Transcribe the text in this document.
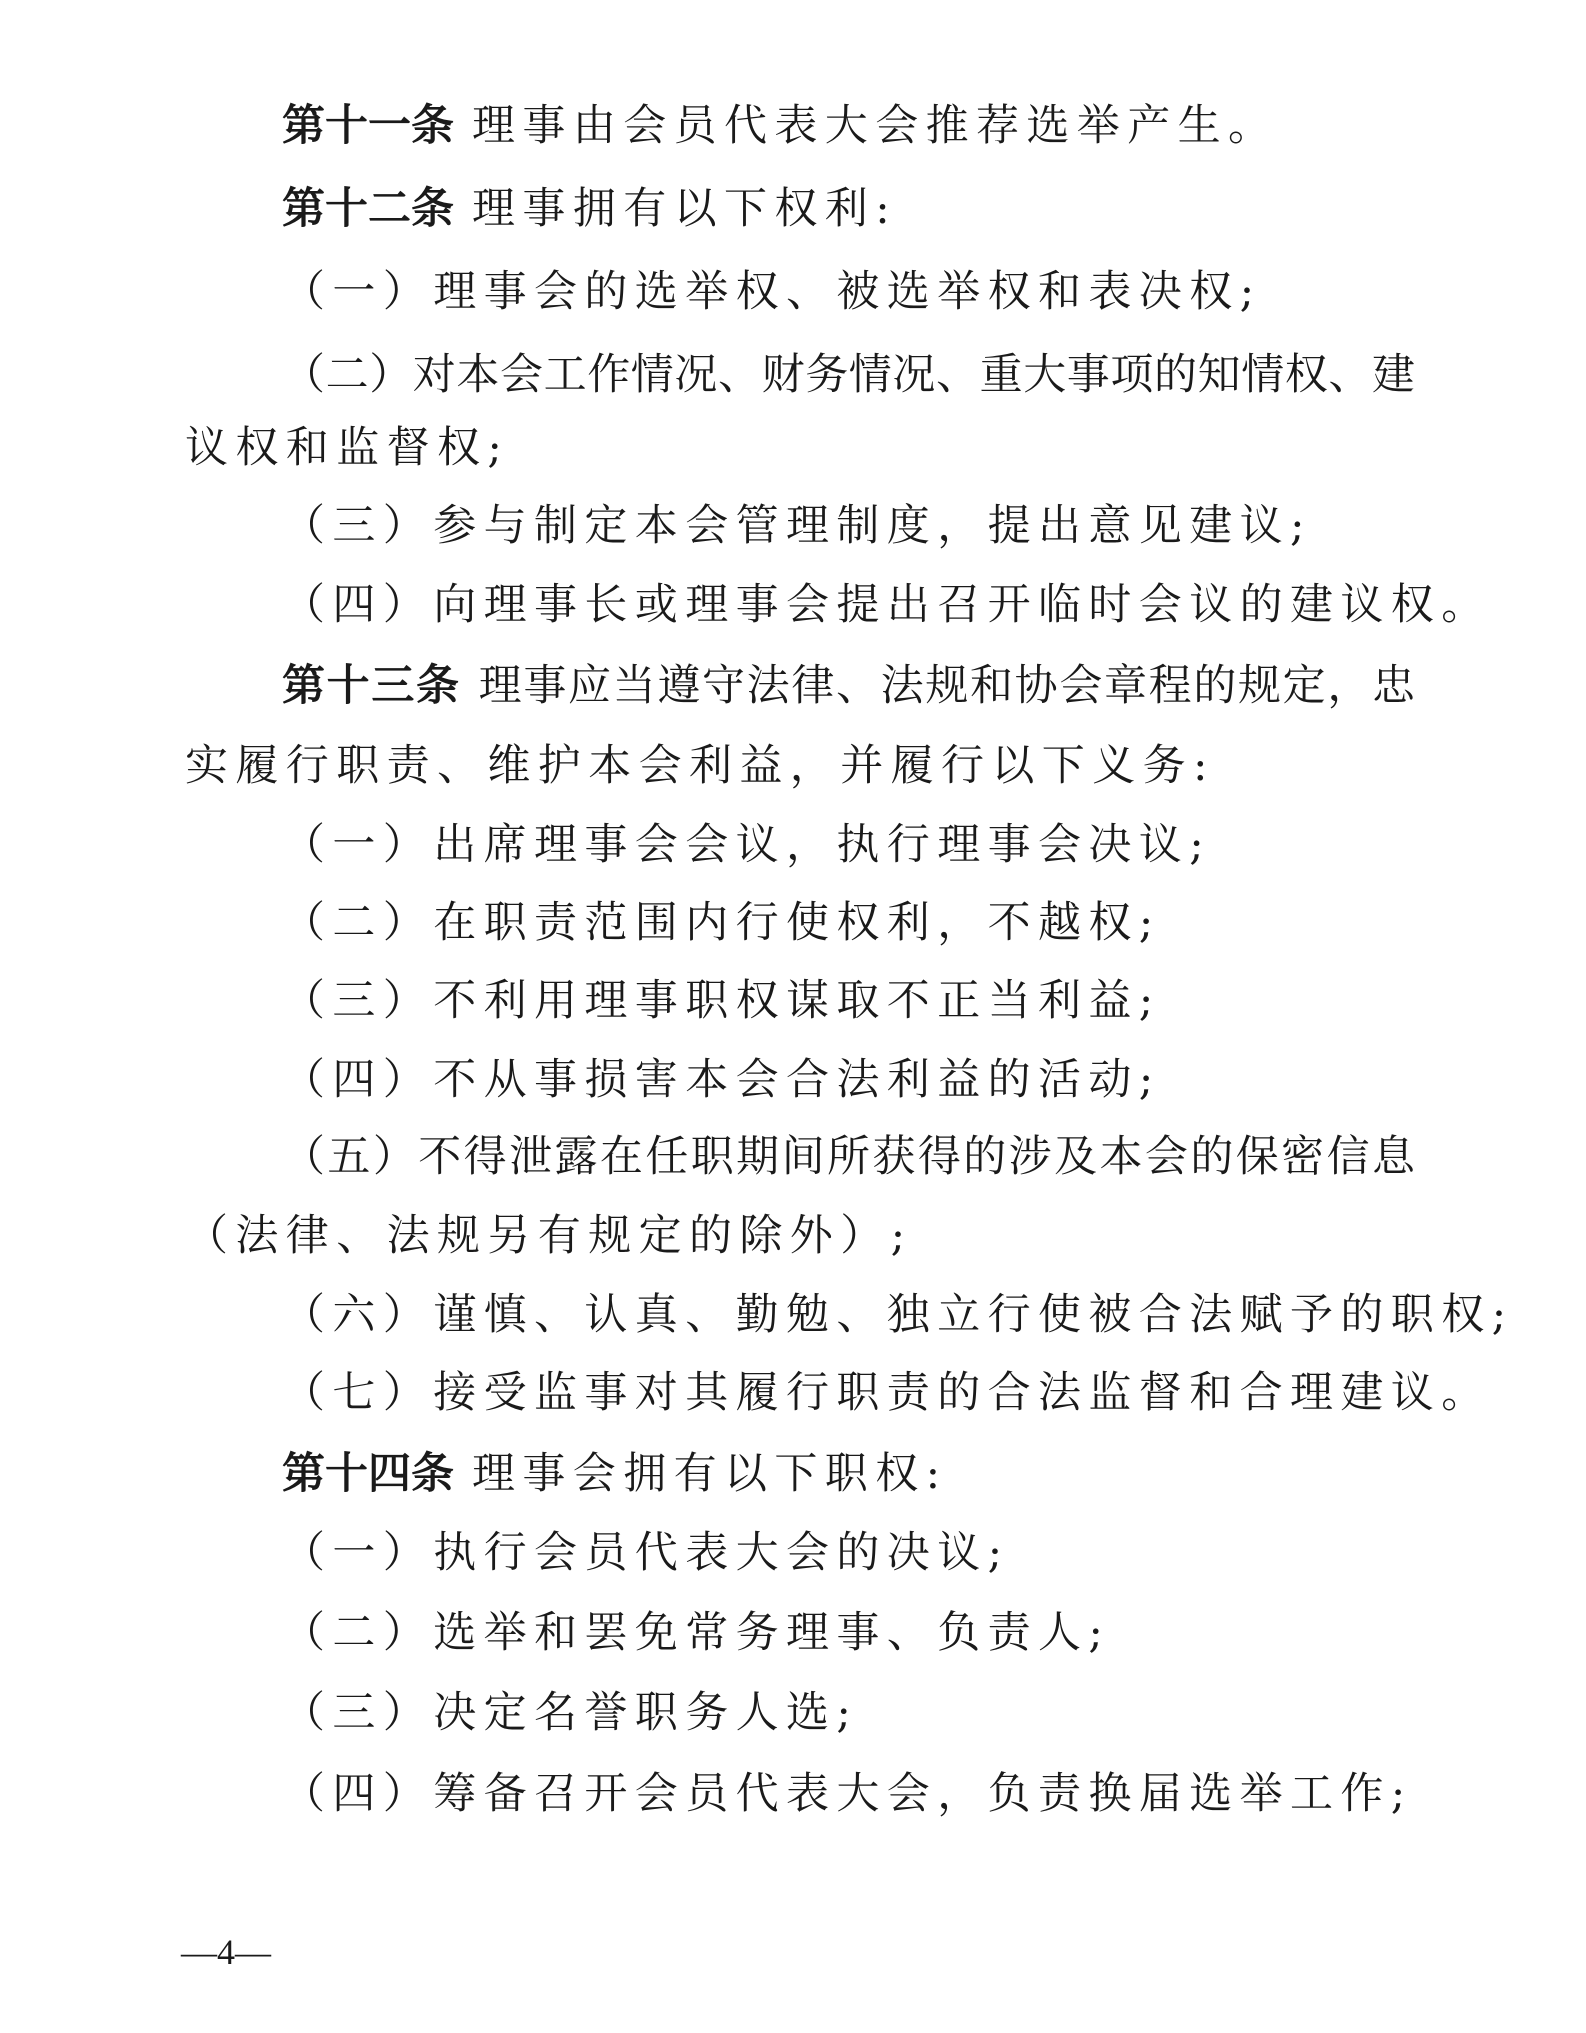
第十一条 理事由会员代表大会推荐选举产生。
第十二条 理事拥有以下权利:
（一）理事会的选举权、被选举权和表决权;
（二）对本会工作情况、财务情况、重大事项的知情权、建
议权和监督权;
（三）参与制定本会管理制度，提出意见建议;
（四）向理事长或理事会提出召开临时会议的建议权。
第十三条 理事应当遵守法律、法规和协会章程的规定，忠
实履行职责、维护本会利益，并履行以下义务:
（一）出席理事会会议，执行理事会决议;
（二）在职责范围内行使权利，不越权;
（三）不利用理事职权谋取不正当利益;
（四）不从事损害本会合法利益的活动;
（五）不得泄露在任职期间所获得的涉及本会的保密信息
（法律、法规另有规定的除外）;
（六）谨慎、认真、勤勉、独立行使被合法赋予的职权;
（七）接受监事对其履行职责的合法监督和合理建议。
第十四条 理事会拥有以下职权:
（一）执行会员代表大会的决议;
（二）选举和罢免常务理事、负责人;
（三）决定名誉职务人选;
（四）筹备召开会员代表大会，负责换届选举工作;
—4—
